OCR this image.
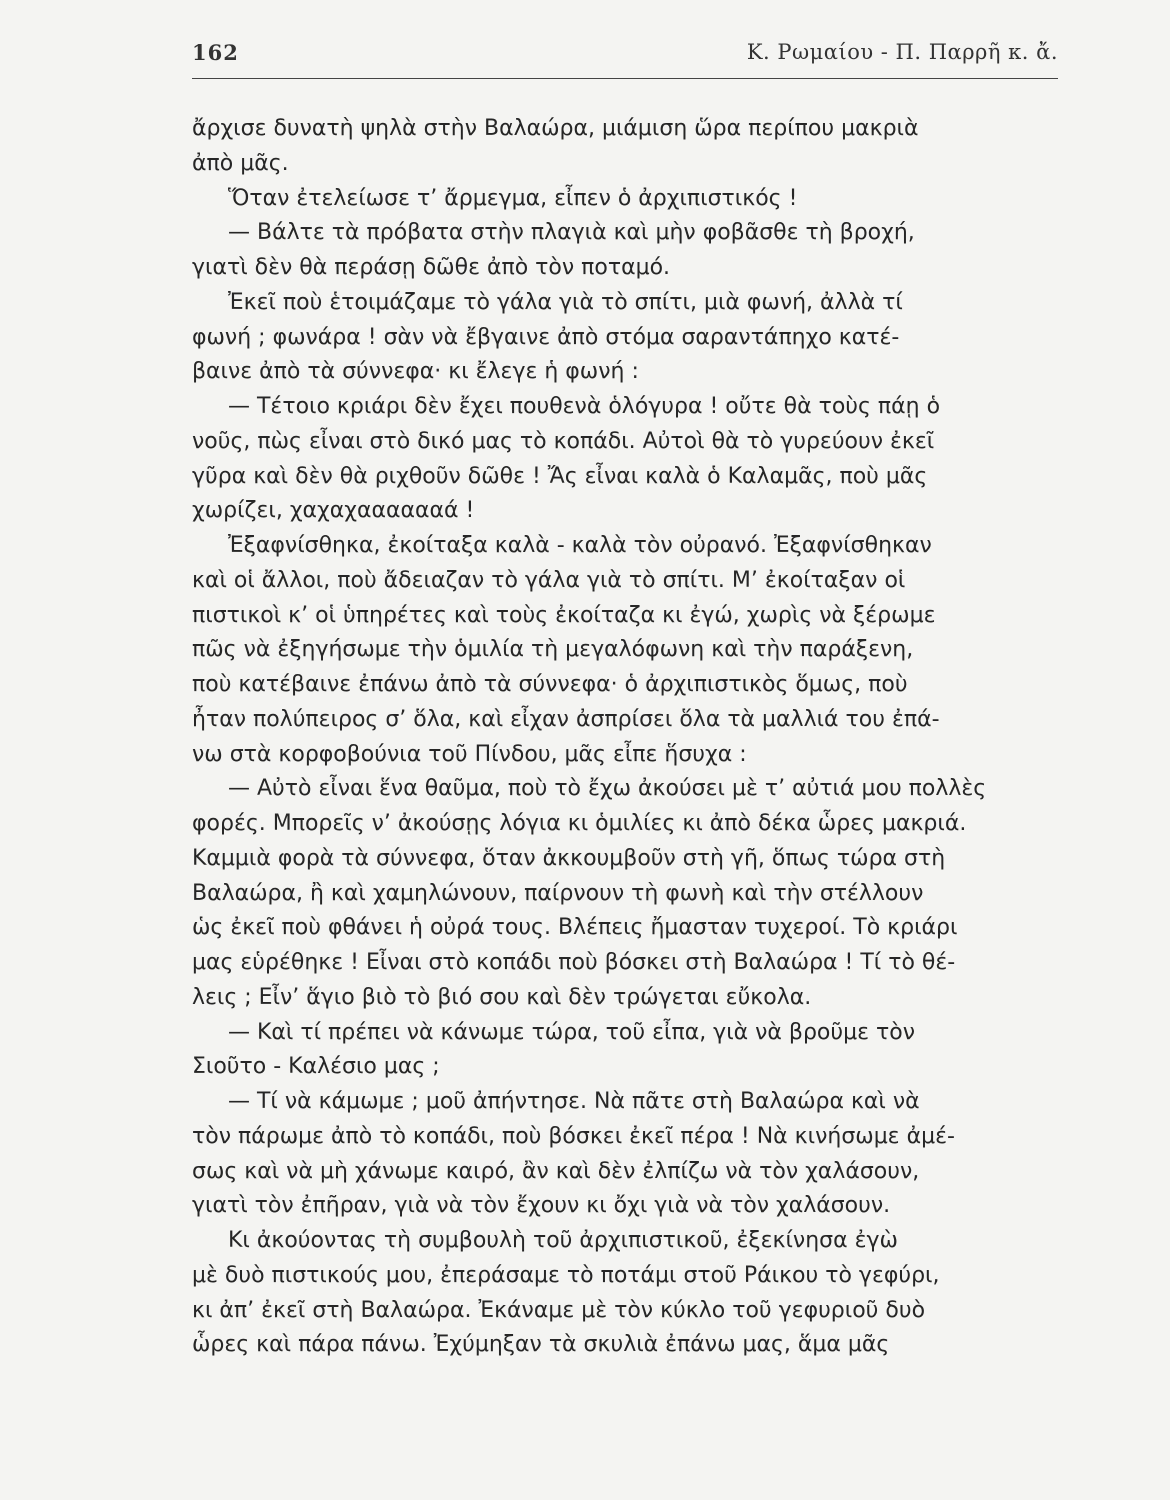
162	Κ. Ρωμαίου - Π. Παρρῆ κ. ἄ.
ἄρχισε δυνατὴ ψηλὰ στὴν Βαλαώρα, μιάμιση ὥρα περίπου μακριὰ
ἀπὸ μᾶς.
Ὅταν ἐτελείωσε τ’ ἄρμεγμα, εἶπεν ὁ ἀρχιπιστικός !
— Βάλτε τὰ πρόβατα στὴν πλαγιὰ καὶ μὴν φοβᾶσθε τὴ βροχή,
γιατὶ δὲν θὰ περάσῃ δῶθε ἀπὸ τὸν ποταμό.
Ἐκεῖ ποὺ ἑτοιμάζαμε τὸ γάλα γιὰ τὸ σπίτι, μιὰ φωνή, ἀλλὰ τί
φωνή ; φωνάρα ! σὰν νὰ ἔβγαινε ἀπὸ στόμα σαραντάπηχο κατέ-
βαινε ἀπὸ τὰ σύννεφα· κι ἔλεγε ἡ φωνή :
— Τέτοιο κριάρι δὲν ἔχει πουθενὰ ὁλόγυρα ! οὔτε θὰ τοὺς πάῃ ὁ
νοῦς, πὼς εἶναι στὸ δικό μας τὸ κοπάδι. Αὐτοὶ θὰ τὸ γυρεύουν ἐκεῖ
γῦρα καὶ δὲν θὰ ριχθοῦν δῶθε ! Ἄς εἶναι καλὰ ὁ Καλαμᾶς, ποὺ μᾶς
χωρίζει, χαχαχααααααά !
Ἐξαφνίσθηκα, ἐκοίταξα καλὰ - καλὰ τὸν οὐρανό. Ἐξαφνίσθηκαν
καὶ οἱ ἄλλοι, ποὺ ἄδειαζαν τὸ γάλα γιὰ τὸ σπίτι. Μ’ ἐκοίταξαν οἱ
πιστικοὶ κ’ οἱ ὑπηρέτες καὶ τοὺς ἐκοίταζα κι ἐγώ, χωρὶς νὰ ξέρωμε
πῶς νὰ ἐξηγήσωμε τὴν ὁμιλία τὴ μεγαλόφωνη καὶ τὴν παράξενη,
ποὺ κατέβαινε ἐπάνω ἀπὸ τὰ σύννεφα· ὁ ἀρχιπιστικὸς ὅμως, ποὺ
ἦταν πολύπειρος σ’ ὅλα, καὶ εἶχαν ἀσπρίσει ὅλα τὰ μαλλιά του ἐπά-
νω στὰ κορφοβούνια τοῦ Πίνδου, μᾶς εἶπε ἥσυχα :
— Αὐτὸ εἶναι ἕνα θαῦμα, ποὺ τὸ ἔχω ἀκούσει μὲ τ’ αὐτιά μου πολλὲς
φορές. Μπορεῖς ν’ ἀκούσῃς λόγια κι ὁμιλίες κι ἀπὸ δέκα ὧρες μακριά.
Καμμιὰ φορὰ τὰ σύννεφα, ὅταν ἀκκουμβοῦν στὴ γῆ, ὅπως τώρα στὴ
Βαλαώρα, ἢ καὶ χαμηλώνουν, παίρνουν τὴ φωνὴ καὶ τὴν στέλλουν
ὡς ἐκεῖ ποὺ φθάνει ἡ οὐρά τους. Βλέπεις ἤμασταν τυχεροί. Τὸ κριάρι
μας εὑρέθηκε ! Εἶναι στὸ κοπάδι ποὺ βόσκει στὴ Βαλαώρα ! Τί τὸ θέ-
λεις ; Εἶν’ ἅγιο βιὸ τὸ βιό σου καὶ δὲν τρώγεται εὔκολα.
— Καὶ τί πρέπει νὰ κάνωμε τώρα, τοῦ εἶπα, γιὰ νὰ βροῦμε τὸν
Σιοῦτο - Καλέσιο μας ;
— Τί νὰ κάμωμε ; μοῦ ἀπήντησε. Νὰ πᾶτε στὴ Βαλαώρα καὶ νὰ
τὸν πάρωμε ἀπὸ τὸ κοπάδι, ποὺ βόσκει ἐκεῖ πέρα ! Νὰ κινήσωμε ἀμέ-
σως καὶ νὰ μὴ χάνωμε καιρό, ἂν καὶ δὲν ἐλπίζω νὰ τὸν χαλάσουν,
γιατὶ τὸν ἐπῆραν, γιὰ νὰ τὸν ἔχουν κι ὄχι γιὰ νὰ τὸν χαλάσουν.
Κι ἀκούοντας τὴ συμβουλὴ τοῦ ἀρχιπιστικοῦ, ἐξεκίνησα ἐγὼ
μὲ δυὸ πιστικούς μου, ἐπεράσαμε τὸ ποτάμι στοῦ Ράικου τὸ γεφύρι,
κι ἀπ’ ἐκεῖ στὴ Βαλαώρα. Ἐκάναμε μὲ τὸν κύκλο τοῦ γεφυριοῦ δυὸ
ὧρες καὶ πάρα πάνω. Ἐχύμηξαν τὰ σκυλιὰ ἐπάνω μας, ἅμα μᾶς
